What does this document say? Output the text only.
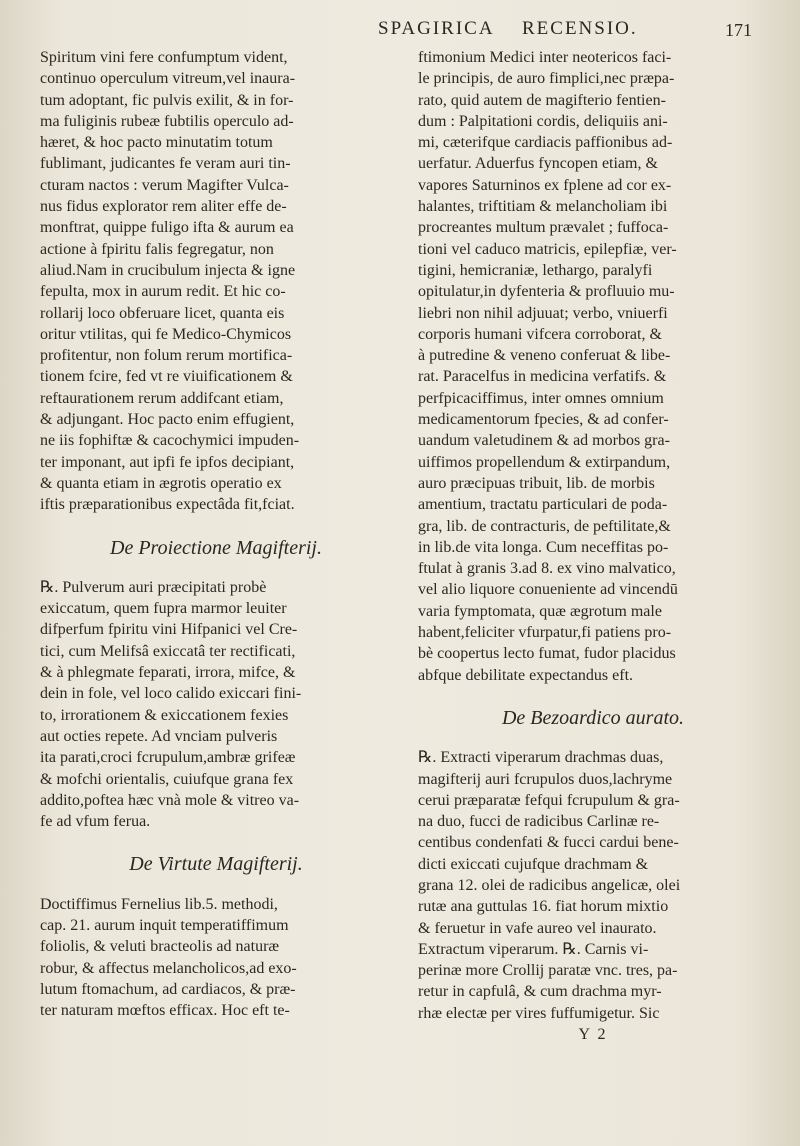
SPAGIRICA RECENSIO.	171
Spiritum vini fere confumptum vident,
continuo operculum vitreum,vel inaura-
tum adoptant, fic pulvis exilit, & in for-
ma fuliginis rubeæ fubtilis operculo ad-
hæret, & hoc pacto minutatim totum
fublimant, judicantes fe veram auri tin-
cturam nactos : verum Magifter Vulca-
nus fidus explorator rem aliter effe de-
monftrat, quippe fuligo ifta & aurum ea
actione à fpiritu falis fegregatur, non
aliud.Nam in crucibulum injecta & igne
fepulta, mox in aurum redit. Et hic co-
rollarij loco obferuare licet, quanta eis
oritur vtilitas, qui fe Medico-Chymicos
profitentur, non folum rerum mortifica-
tionem fcire, fed vt re viuificationem &
reftaurationem rerum addifcant etiam,
& adjungant. Hoc pacto enim effugient,
ne iis fophiftæ & cacochymici impuden-
ter imponant, aut ipfi fe ipfos decipiant,
& quanta etiam in ægrotis operatio ex
iftis præparationibus expectâda fit,fciat.
De Proiectione Magifterij.
℞. Pulverum auri præcipitati probè
exiccatum, quem fupra marmor leuiter
difperfum fpiritu vini Hifpanici vel Cre-
tici, cum Melifsâ exiccatâ ter rectificati,
& à phlegmate feparati, irrora, mifce, &
dein in fole, vel loco calido exiccari fini-
to, irrorationem & exiccationem fexies
aut octies repete. Ad vnciam pulveris
ita parati,croci fcrupulum,ambræ grifeæ
& mofchi orientalis, cuiufque grana fex
addito,poftea hæc vnà mole & vitreo va-
fe ad vfum ferua.
De Virtute Magifterij.
Doctiffimus Fernelius lib.5. methodi,
cap. 21. aurum inquit temperatiffimum
foliolis, & veluti bracteolis ad naturæ
robur, & affectus melancholicos,ad exo-
lutum ftomachum, ad cardiacos, & præ-
ter naturam mœftos efficax. Hoc eft te-
ftimonium Medici inter neotericos faci-
le principis, de auro fimplici,nec præpa-
rato, quid autem de magifterio fentien-
dum : Palpitationi cordis, deliquiis ani-
mi, cæterifque cardiacis paffionibus ad-
uerfatur. Aduerfus fyncopen etiam, &
vapores Saturninos ex fplene ad cor ex-
halantes, triftitiam & melancholiam ibi
procreantes multum prævalet ; fuffoca-
tioni vel caduco matricis, epilepfiæ, ver-
tigini, hemicraniæ, lethargo, paralyfi
opitulatur,in dyfenteria & profluuio mu-
liebri non nihil adjuuat; verbo, vniuerfi
corporis humani vifcera corroborat, &
à putredine & veneno conferuat & libe-
rat. Paracelfus in medicina verfatifs. &
perfpicaciffimus, inter omnes omnium
medicamentorum fpecies, & ad confer-
uandum valetudinem & ad morbos gra-
uiffimos propellendum & extirpandum,
auro præcipuas tribuit, lib. de morbis
amentium, tractatu particulari de poda-
gra, lib. de contracturis, de peftilitate,&
in lib.de vita longa. Cum neceffitas po-
ftulat à granis 3.ad 8. ex vino malvatico,
vel alio liquore conueniente ad vincendū
varia fymptomata, quæ ægrotum male
habent,feliciter vfurpatur,fi patiens pro-
bè coopertus lecto fumat, fudor placidus
abfque debilitate expectandus eft.
De Bezoardico aurato.
℞. Extracti viperarum drachmas duas,
magifterij auri fcrupulos duos,lachryme
cerui præparatæ fefqui fcrupulum & gra-
na duo, fucci de radicibus Carlinæ re-
centibus condenfati & fucci cardui bene-
dicti exiccati cujufque drachmam &
grana 12. olei de radicibus angelicæ, olei
rutæ ana guttulas 16. fiat horum mixtio
& feruetur in vafe aureo vel inaurato.
Extractum viperarum. ℞. Carnis vi-
perinæ more Crollij paratæ vnc. tres, pa-
retur in capfulâ, & cum drachma myr-
rhæ electæ per vires fuffumigetur. Sic
Y 2
